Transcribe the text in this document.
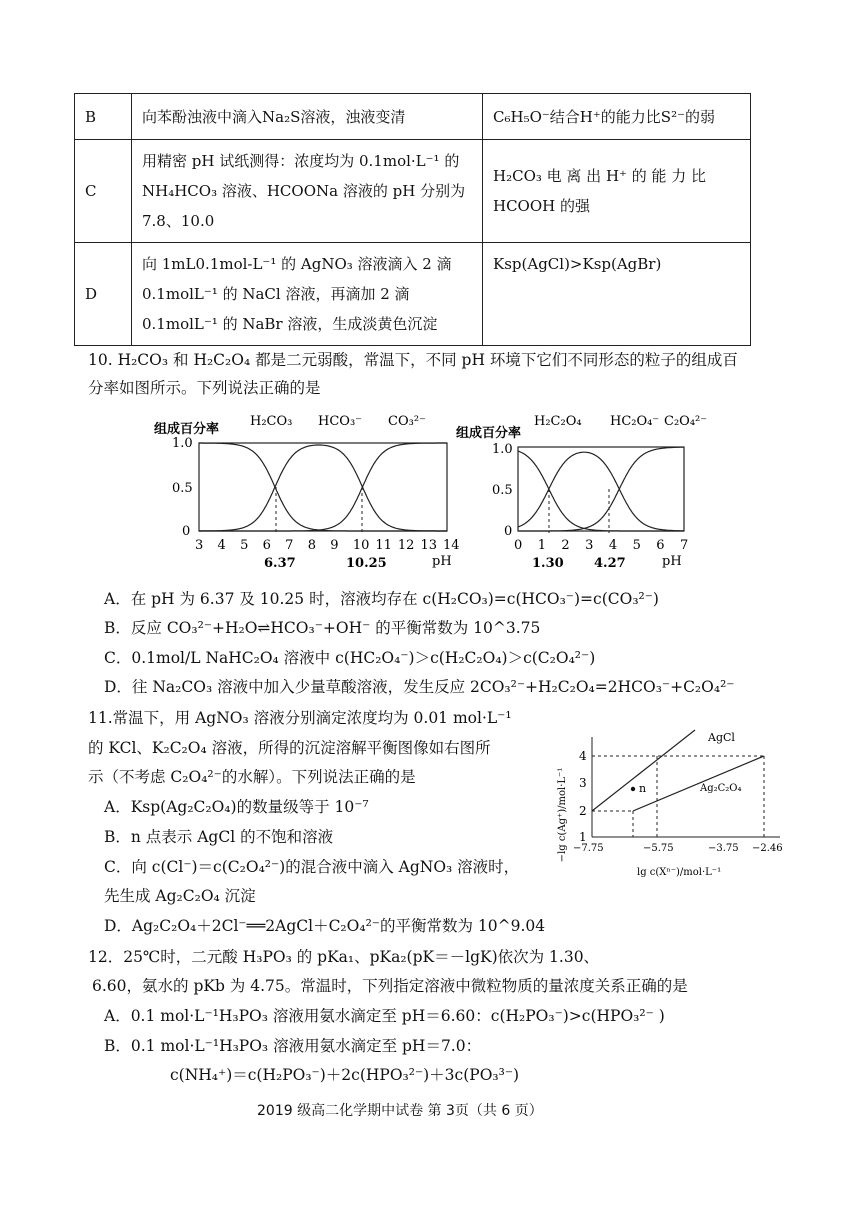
B	向苯酚浊液中滴入Na₂S溶液，浊液变清	C₆H₅O⁻结合H⁺的能力比S²⁻的弱
C	用精密 pH 试纸测得：浓度均为 0.1mol·L⁻¹ 的 NH₄HCO₃ 溶液、HCOONa 溶液的 pH 分别为 7.8、10.0	H₂CO₃ 电 离 出 H⁺ 的 能 力 比 HCOOH 的强
D	向 1mL0.1mol-L⁻¹ 的 AgNO₃ 溶液滴入 2 滴 0.1molL⁻¹ 的 NaCl 溶液，再滴加 2 滴 0.1molL⁻¹ 的 NaBr 溶液，生成淡黄色沉淀	Ksp(AgCl)>Ksp(AgBr)
10. H₂CO₃ 和 H₂C₂O₄ 都是二元弱酸，常温下，不同 pH 环境下它们不同形态的粒子的组成百
分率如图所示。下列说法正确的是
组成百分率
H₂CO₃ HCO₃⁻ CO₃²⁻
1.0
0.5
0
3 4 5 6 7 8 9 10 11 12 13 14
6.37	10.25	pH
组成百分率
H₂C₂O₄ HC₂O₄⁻ C₂O₄²⁻
1.0
0.5
0
0 1 2 3 4 5 6 7
1.30 4.27	pH
A．在 pH 为 6.37 及 10.25 时，溶液均存在 c(H₂CO₃)=c(HCO₃⁻)=c(CO₃²⁻)
B．反应 CO₃²⁻+H₂O⇌HCO₃⁻+OH⁻ 的平衡常数为 10^3.75
C．0.1mol/L NaHC₂O₄ 溶液中 c(HC₂O₄⁻)＞c(H₂C₂O₄)＞c(C₂O₄²⁻)
D．往 Na₂CO₃ 溶液中加入少量草酸溶液，发生反应 2CO₃²⁻+H₂C₂O₄=2HCO₃⁻+C₂O₄²⁻
11.常温下，用 AgNO₃ 溶液分别滴定浓度均为 0.01 mol·L⁻¹
的 KCl、K₂C₂O₄ 溶液，所得的沉淀溶解平衡图像如右图所
示（不考虑 C₂O₄²⁻的水解）。下列说法正确的是
A．Ksp(Ag₂C₂O₄)的数量级等于 10⁻⁷
B．n 点表示 AgCl 的不饱和溶液
C．向 c(Cl⁻)＝c(C₂O₄²⁻)的混合液中滴入 AgNO₃ 溶液时，
先生成 Ag₂C₂O₄ 沉淀
D．Ag₂C₂O₄＋2Cl⁻══2AgCl＋C₂O₄²⁻的平衡常数为 10^9.04
−lg c(Ag⁺)/mol·L⁻¹ 1
2
3
4
AgCl
Ag₂C₂O₄
n
−7.75	−5.75	−3.75 −2.46
lg c(Xⁿ⁻)/mol·L⁻¹
12．25℃时，二元酸 H₃PO₃ 的 pKa₁、pKa₂(pK＝－lgK)依次为 1.30、
6.60，氨水的 pKb 为 4.75。常温时，下列指定溶液中微粒物质的量浓度关系正确的是
A．0.1 mol·L⁻¹H₃PO₃ 溶液用氨水滴定至 pH＝6.60：c(H₂PO₃⁻)>c(HPO₃²⁻ )
B．0.1 mol·L⁻¹H₃PO₃ 溶液用氨水滴定至 pH＝7.0：
c(NH₄⁺)＝c(H₂PO₃⁻)＋2c(HPO₃²⁻)＋3c(PO₃³⁻)
2019 级高二化学期中试卷 第 3页（共 6 页）
